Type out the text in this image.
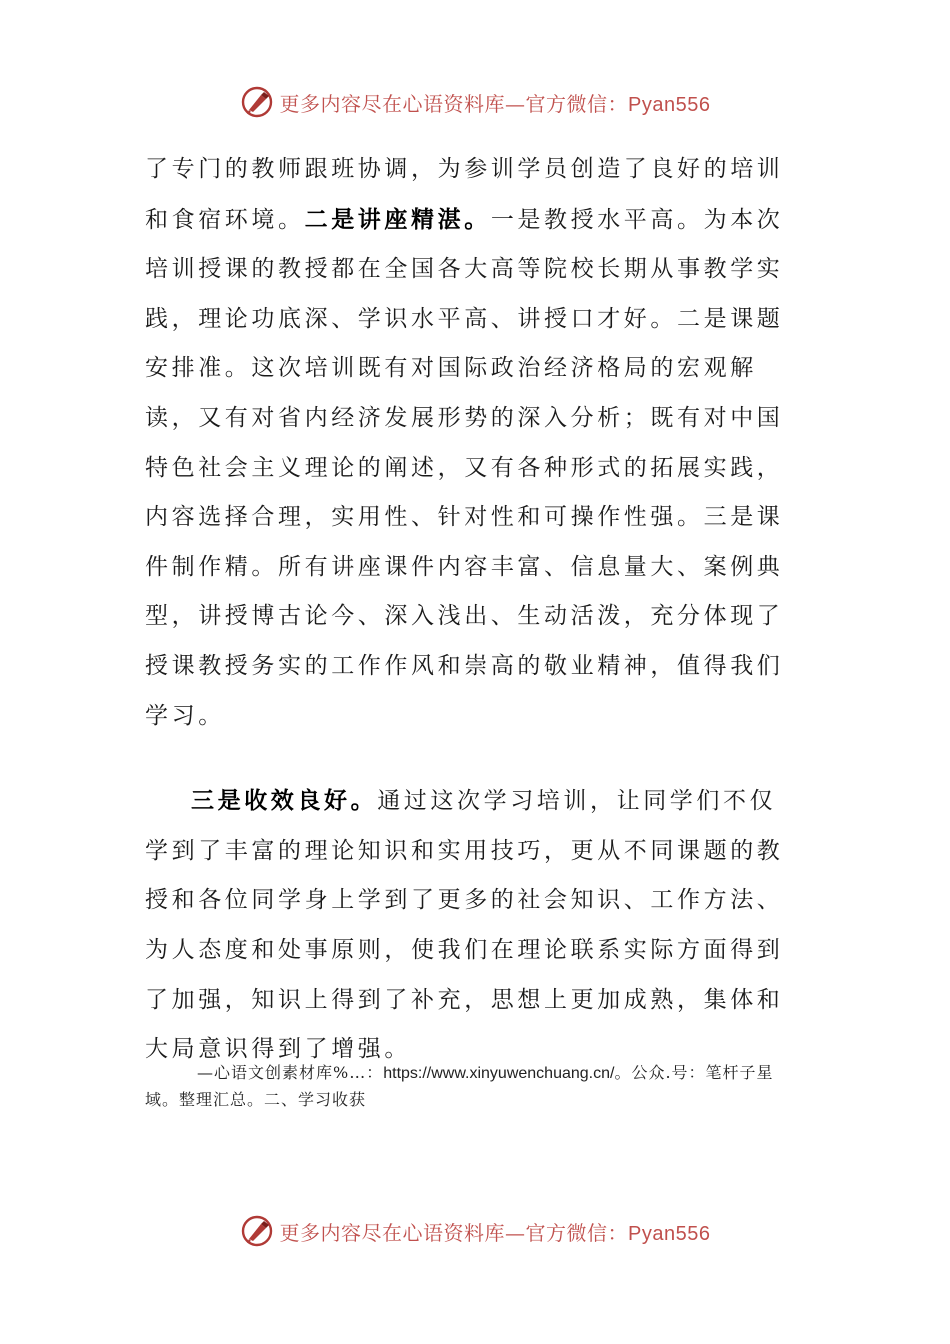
更多内容尽在心语资料库—官方微信：Pyan556

了专门的教师跟班协调，为参训学员创造了良好的培训和食宿环境。二是讲座精湛。一是教授水平高。为本次培训授课的教授都在全国各大高等院校长期从事教学实践，理论功底深、学识水平高、讲授口才好。二是课题安排准。这次培训既有对国际政治经济格局的宏观解读，又有对省内经济发展形势的深入分析；既有对中国特色社会主义理论的阐述，又有各种形式的拓展实践，内容选择合理，实用性、针对性和可操作性强。三是课件制作精。所有讲座课件内容丰富、信息量大、案例典型，讲授博古论今、深入浅出、生动活泼，充分体现了授课教授务实的工作作风和崇高的敬业精神，值得我们学习。

三是收效良好。通过这次学习培训，让同学们不仅学到了丰富的理论知识和实用技巧，更从不同课题的教授和各位同学身上学到了更多的社会知识、工作方法、为人态度和处事原则，使我们在理论联系实际方面得到了加强，知识上得到了补充，思想上更加成熟，集体和大局意识得到了增强。

—心语文创素材库%…：https://www.xinyuwenchuang.cn/。公众.号：笔杆子星域。整理汇总。二、学习收获
更多内容尽在心语资料库—官方微信：Pyan556
